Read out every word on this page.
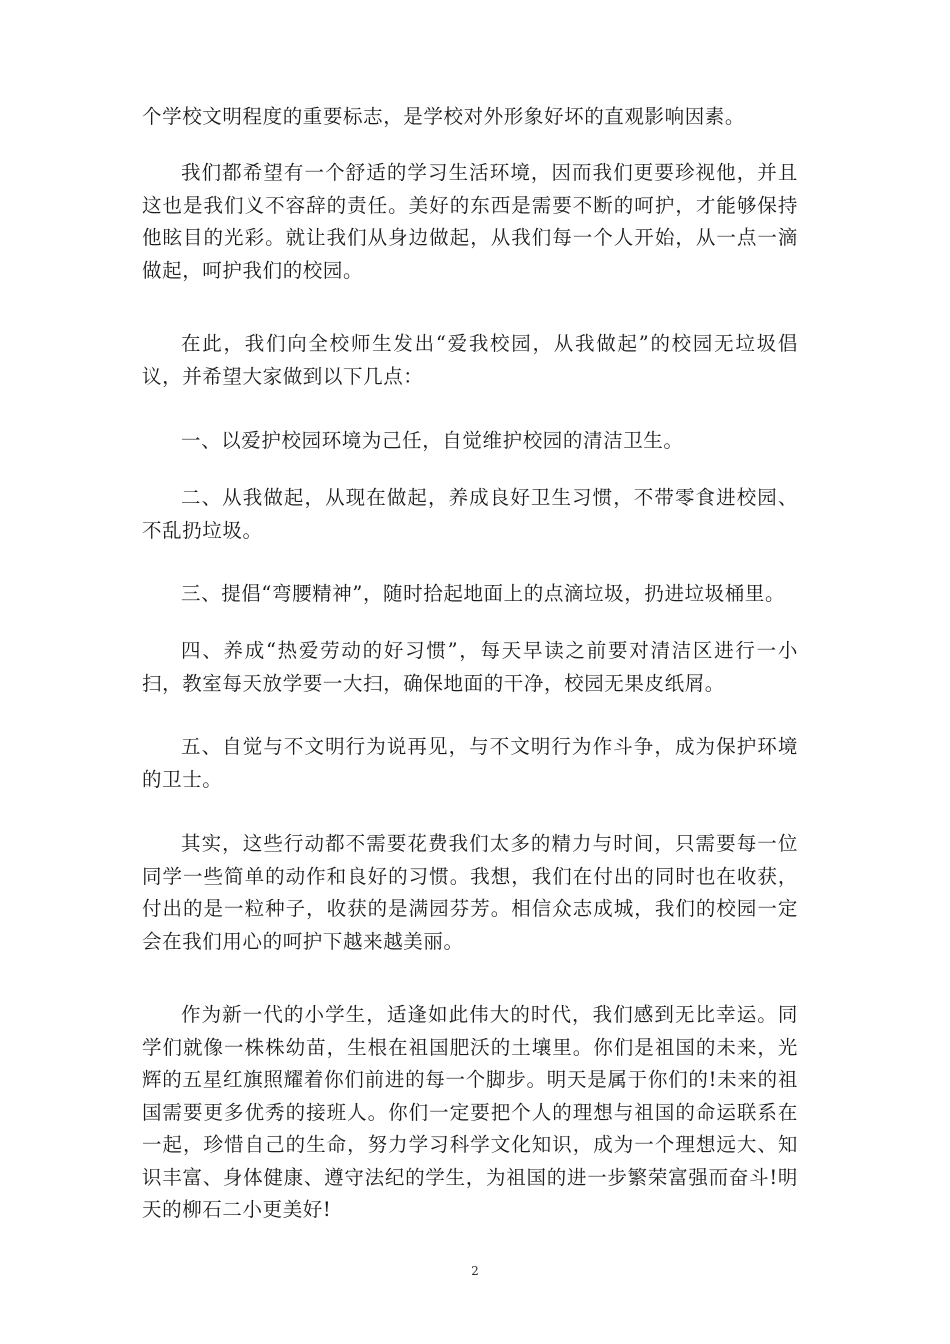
个学校文明程度的重要标志，是学校对外形象好坏的直观影响因素。

我们都希望有一个舒适的学习生活环境，因而我们更要珍视他，并且这也是我们义不容辞的责任。美好的东西是需要不断的呵护，才能够保持他眩目的光彩。就让我们从身边做起，从我们每一个人开始，从一点一滴做起，呵护我们的校园。

在此，我们向全校师生发出“爱我校园，从我做起”的校园无垃圾倡议，并希望大家做到以下几点：

一、以爱护校园环境为己任，自觉维护校园的清洁卫生。

二、从我做起，从现在做起，养成良好卫生习惯，不带零食进校园、不乱扔垃圾。

三、提倡“弯腰精神”，随时拾起地面上的点滴垃圾，扔进垃圾桶里。

四、养成“热爱劳动的好习惯”，每天早读之前要对清洁区进行一小扫，教室每天放学要一大扫，确保地面的干净，校园无果皮纸屑。

五、自觉与不文明行为说再见，与不文明行为作斗争，成为保护环境的卫士。

其实，这些行动都不需要花费我们太多的精力与时间，只需要每一位同学一些简单的动作和良好的习惯。我想，我们在付出的同时也在收获，付出的是一粒种子，收获的是满园芬芳。相信众志成城，我们的校园一定会在我们用心的呵护下越来越美丽。

作为新一代的小学生，适逢如此伟大的时代，我们感到无比幸运。同学们就像一株株幼苗，生根在祖国肥沃的土壤里。你们是祖国的未来，光辉的五星红旗照耀着你们前进的每一个脚步。明天是属于你们的!未来的祖国需要更多优秀的接班人。你们一定要把个人的理想与祖国的命运联系在一起，珍惜自己的生命，努力学习科学文化知识，成为一个理想远大、知识丰富、身体健康、遵守法纪的学生，为祖国的进一步繁荣富强而奋斗!明天的柳石二小更美好!

2
